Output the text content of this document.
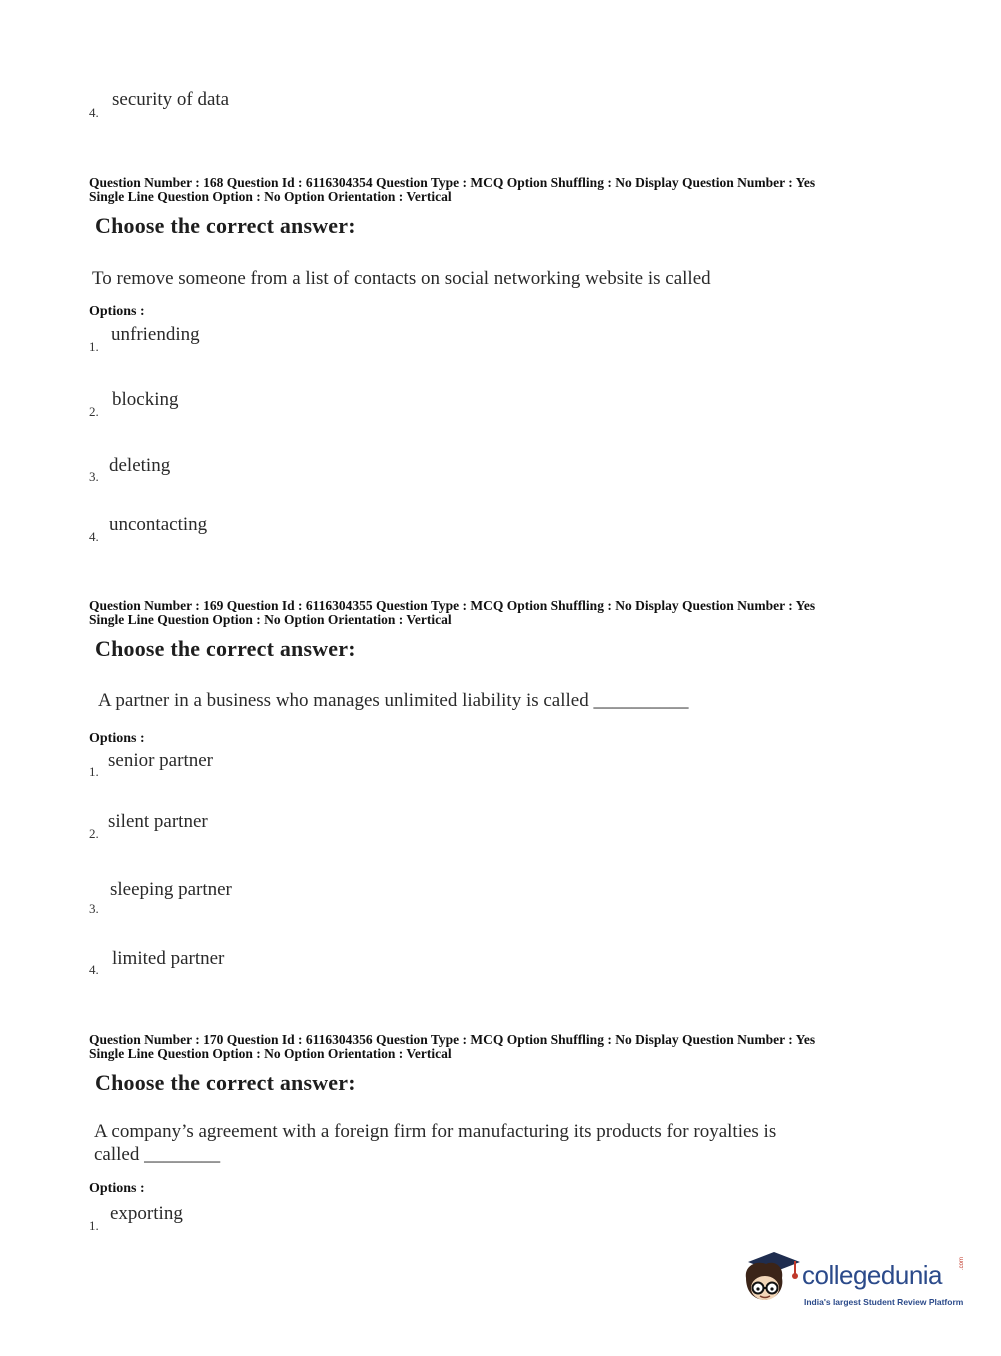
4.
security of data
Question Number : 168 Question Id : 6116304354 Question Type : MCQ Option Shuffling : No Display Question Number : Yes
Single Line Question Option : No Option Orientation : Vertical
Choose the correct answer:
To remove someone from a list of contacts on social networking website is called
Options :
1.
unfriending
2.
blocking
3.
deleting
4.
uncontacting
Question Number : 169 Question Id : 6116304355 Question Type : MCQ Option Shuffling : No Display Question Number : Yes
Single Line Question Option : No Option Orientation : Vertical
Choose the correct answer:
A partner in a business who manages unlimited liability is called __________
Options :
1.
senior partner
2.
silent partner
3.
sleeping partner
4.
limited partner
Question Number : 170 Question Id : 6116304356 Question Type : MCQ Option Shuffling : No Display Question Number : Yes
Single Line Question Option : No Option Orientation : Vertical
Choose the correct answer:
A company’s agreement with a foreign firm for manufacturing its products for royalties is
called ________
Options :
1.
exporting
collegedunia	.com
India's largest Student Review Platform
